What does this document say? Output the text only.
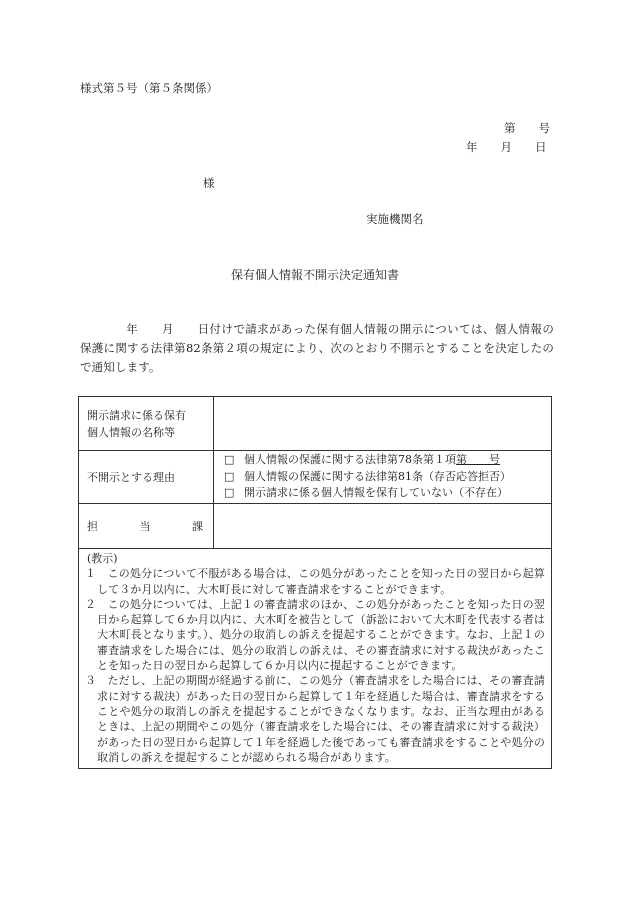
様式第５号（第５条関係）
第　　号
年　　月　　日
様
実施機関名
保有個人情報不開示決定通知書
年　　月　　日付けで請求があった保有個人情報の開示については、個人情報の保護に関する法律第82条第２項の規定により、次のとおり不開示とすることを決定したので通知します。
開示請求に係る保有
個人情報の名称等	

不開示とする理由	□ 個人情報の保護に関する法律第78条第１項第　　号
□ 個人情報の保護に関する法律第81条（存否応答拒否）
□ 開示請求に係る個人情報を保有していない（不存在）

担 当 課	

(教示)
１　この処分について不服がある場合は、この処分があったことを知った日の翌日から起算して３か月以内に、大木町長に対して審査請求をすることができます。
２　この処分については、上記１の審査請求のほか、この処分があったことを知った日の翌日から起算して６か月以内に、大木町を被告として（訴訟において大木町を代表する者は大木町長となります。）、処分の取消しの訴えを提起することができます。なお、上記１の審査請求をした場合には、処分の取消しの訴えは、その審査請求に対する裁決があったことを知った日の翌日から起算して６か月以内に提起することができます。
３　ただし、上記の期間が経過する前に、この処分（審査請求をした場合には、その審査請求に対する裁決）があった日の翌日から起算して１年を経過した場合は、審査請求をすることや処分の取消しの訴えを提起することができなくなります。なお、正当な理由があるときは、上記の期間やこの処分（審査請求をした場合には、その審査請求に対する裁決）があった日の翌日から起算して１年を経過した後であっても審査請求をすることや処分の取消しの訴えを提起することが認められる場合があります。	
